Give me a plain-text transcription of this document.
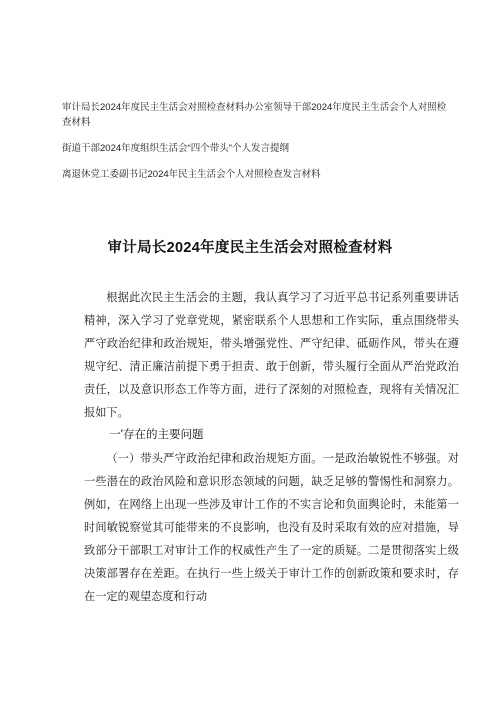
审计局长2024年度民主生活会对照检查材料办公室领导干部2024年度民主生活会个人对照检查材料
街道干部2024年度组织生活会“四个带头”个人发言提纲
离退休党工委副书记2024年民主生活会个人对照检查发言材料
审计局长2024年度民主生活会对照检查材料

根据此次民主生活会的主题，我认真学习了习近平总书记系列重要讲话精神，深入学习了党章党规，紧密联系个人思想和工作实际，重点围绕带头严守政治纪律和政治规矩，带头增强党性、严守纪律、砥砺作风，带头在遵规守纪、清正廉洁前提下勇于担责、敢于创新，带头履行全面从严治党政治责任，以及意识形态工作等方面，进行了深刻的对照检查，现将有关情况汇报如下。

一'存在的主要问题

（一）带头严守政治纪律和政治规矩方面。一是政治敏锐性不够强。对一些潜在的政治风险和意识形态领域的问题，缺乏足够的警惕性和洞察力。例如，在网络上出现一些涉及审计工作的不实言论和负面舆论时，未能第一时间敏锐察觉其可能带来的不良影响，也没有及时采取有效的应对措施，导致部分干部职工对审计工作的权威性产生了一定的质疑。二是贯彻落实上级决策部署存在差距。在执行一些上级关于审计工作的创新政策和要求时，存在一定的观望态度和行动
